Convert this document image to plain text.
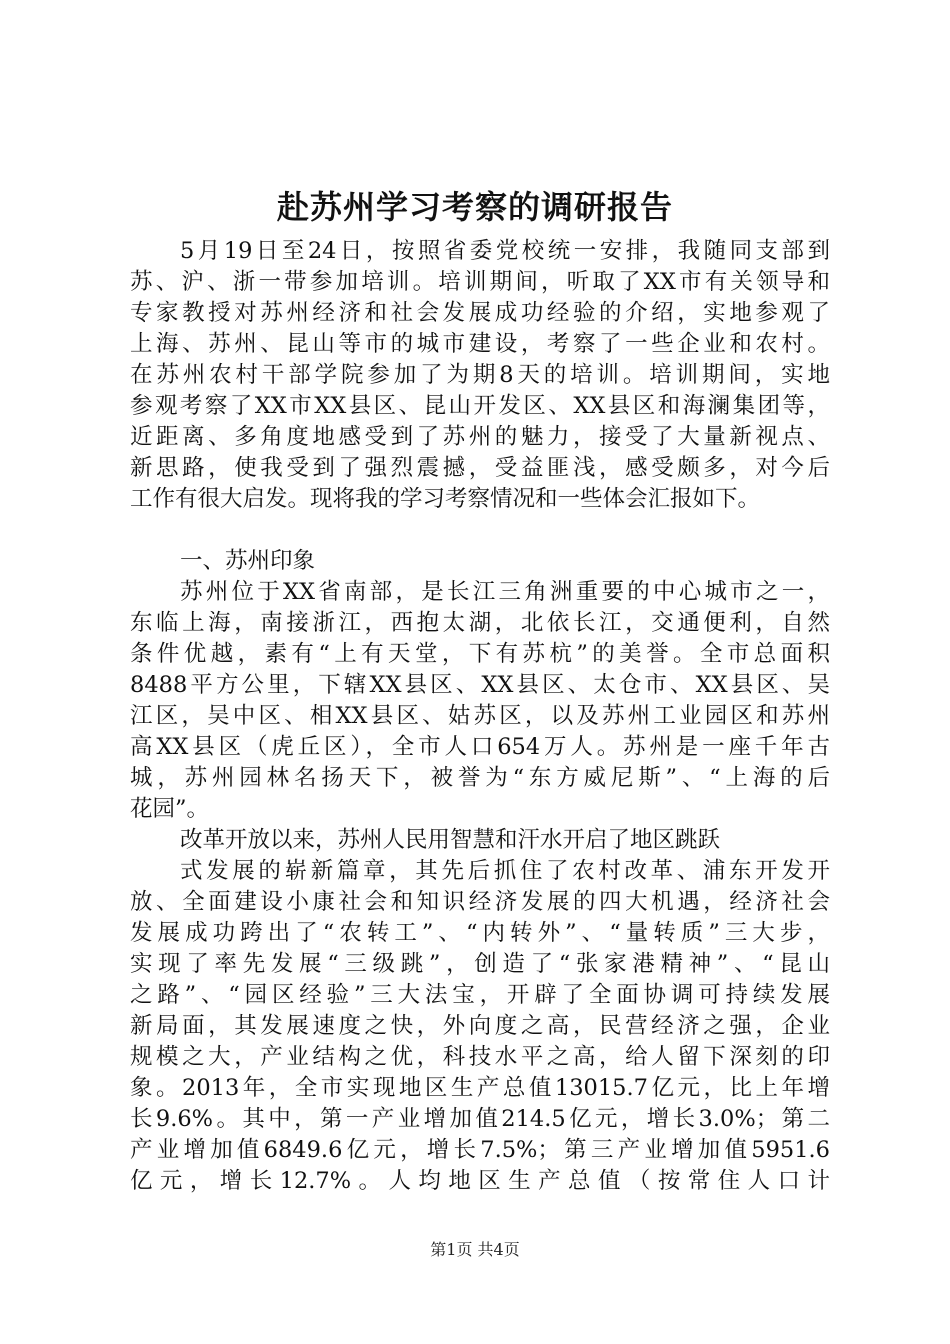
赴苏州学习考察的调研报告
5月19日至24日，按照省委党校统一安排，我随同支部到
苏、沪、浙一带参加培训。培训期间，听取了XX市有关领导和
专家教授对苏州经济和社会发展成功经验的介绍，实地参观了
上海、苏州、昆山等市的城市建设，考察了一些企业和农村。
在苏州农村干部学院参加了为期8天的培训。培训期间，实地
参观考察了XX市XX县区、昆山开发区、XX县区和海澜集团等，
近距离、多角度地感受到了苏州的魅力，接受了大量新视点、
新思路，使我受到了强烈震撼，受益匪浅，感受颇多，对今后
工作有很大启发。现将我的学习考察情况和一些体会汇报如下。
一、苏州印象
苏州位于XX省南部，是长江三角洲重要的中心城市之一，
东临上海，南接浙江，西抱太湖，北依长江，交通便利，自然
条件优越，素有“上有天堂，下有苏杭”的美誉。全市总面积
8488平方公里，下辖XX县区、XX县区、太仓市、XX县区、吴
江区，吴中区、相XX县区、姑苏区，以及苏州工业园区和苏州
高XX县区（虎丘区），全市人口654万人。苏州是一座千年古
城，苏州园林名扬天下，被誉为“东方威尼斯”、“上海的后
花园”。
改革开放以来，苏州人民用智慧和汗水开启了地区跳跃
式发展的崭新篇章，其先后抓住了农村改革、浦东开发开
放、全面建设小康社会和知识经济发展的四大机遇，经济社会
发展成功跨出了“农转工”、“内转外”、“量转质”三大步，
实现了率先发展“三级跳”，创造了“张家港精神”、“昆山
之路”、“园区经验”三大法宝，开辟了全面协调可持续发展
新局面，其发展速度之快，外向度之高，民营经济之强，企业
规模之大，产业结构之优，科技水平之高，给人留下深刻的印
象。2013年，全市实现地区生产总值13015.7亿元，比上年增
长9.6%。其中，第一产业增加值214.5亿元，增长3.0%；第二
产业增加值6849.6亿元，增长7.5%；第三产业增加值5951.6
亿元，增长12.7%。人均地区生产总值（按常住人口计
第1页 共4页
